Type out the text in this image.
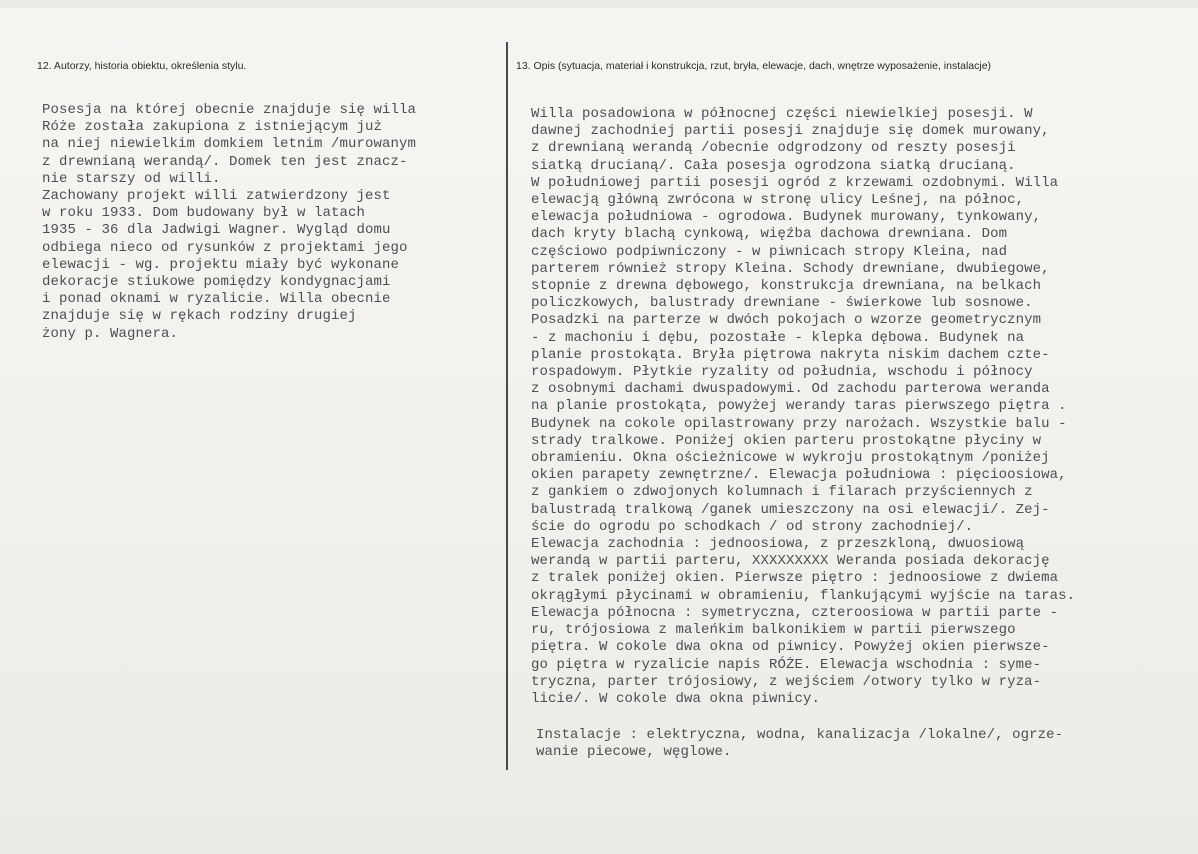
12. Autorzy, historia obiektu, określenia stylu.	13. Opis (sytuacja, materiał i konstrukcja, rzut, bryła, elewacje, dach, wnętrze wyposażenie, instalacje)
Posesja na której obecnie znajduje się willa
Róże została zakupiona z istniejącym już
na niej niewielkim domkiem letnim /murowanym
z drewnianą werandą/. Domek ten jest znacz-
nie starszy od willi.
Zachowany projekt willi zatwierdzony jest
w roku 1933. Dom budowany był w latach
1935 - 36 dla Jadwigi Wagner. Wygląd domu
odbiega nieco od rysunków z projektami jego
elewacji - wg. projektu miały być wykonane
dekoracje stiukowe pomiędzy kondygnacjami
i ponad oknami w ryzalicie. Willa obecnie
znajduje się w rękach rodziny drugiej
żony p. Wagnera.
Willa posadowiona w północnej części niewielkiej posesji. W
dawnej zachodniej partii posesji znajduje się domek murowany,
z drewnianą werandą /obecnie odgrodzony od reszty posesji
siatką drucianą/. Cała posesja ogrodzona siatką drucianą.
W południowej partii posesji ogród z krzewami ozdobnymi. Willa
elewacją główną zwrócona w stronę ulicy Leśnej, na północ,
elewacja południowa - ogrodowa. Budynek murowany, tynkowany,
dach kryty blachą cynkową, więźba dachowa drewniana. Dom
częściowo podpiwniczony - w piwnicach stropy Kleina, nad
parterem również stropy Kleina. Schody drewniane, dwubiegowe,
stopnie z drewna dębowego, konstrukcja drewniana, na belkach
policzkowych, balustrady drewniane - świerkowe lub sosnowe.
Posadzki na parterze w dwóch pokojach o wzorze geometrycznym
- z machoniu i dębu, pozostałe - klepka dębowa. Budynek na
planie prostokąta. Bryła piętrowa nakryta niskim dachem czte-
rospadowym. Płytkie ryzality od południa, wschodu i północy
z osobnymi dachami dwuspadowymi. Od zachodu parterowa weranda
na planie prostokąta, powyżej werandy taras pierwszego piętra .
Budynek na cokole opilastrowany przy narożach. Wszystkie balu -
strady tralkowe. Poniżej okien parteru prostokątne płyciny w
obramieniu. Okna ościeżnicowe w wykroju prostokątnym /poniżej
okien parapety zewnętrzne/. Elewacja południowa : pięcioosiowa,
z gankiem o zdwojonych kolumnach i filarach przyściennych z
balustradą tralkową /ganek umieszczony na osi elewacji/. Zej-
ście do ogrodu po schodkach / od strony zachodniej/.
Elewacja zachodnia : jednoosiowa, z przeszkloną, dwuosiową
werandą w partii parteru, XXXXXXXXX Weranda posiada dekorację
z tralek poniżej okien. Pierwsze piętro : jednoosiowe z dwiema
okrągłymi płycinami w obramieniu, flankującymi wyjście na taras.
Elewacja północna : symetryczna, czteroosiowa w partii parte -
ru, trójosiowa z maleńkim balkonikiem w partii pierwszego
piętra. W cokole dwa okna od piwnicy. Powyżej okien pierwsze-
go piętra w ryzalicie napis RÓŻE. Elewacja wschodnia : syme-
tryczna, parter trójosiowy, z wejściem /otwory tylko w ryza-
licie/. W cokole dwa okna piwnicy.
Instalacje : elektryczna, wodna, kanalizacja /lokalne/, ogrze-
wanie piecowe, węglowe.
